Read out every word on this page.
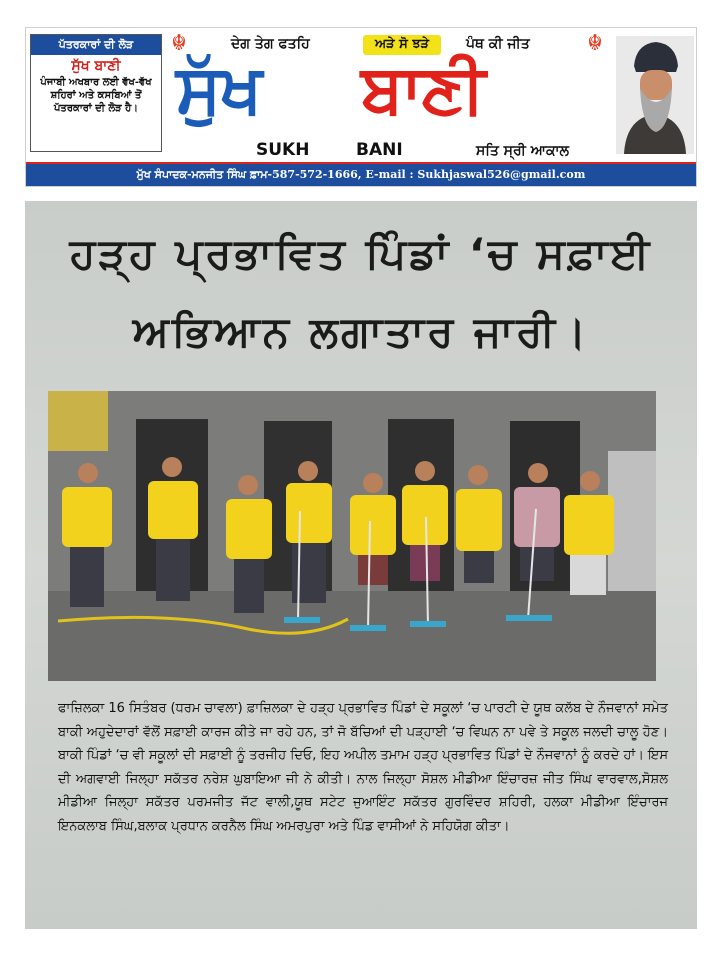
ਪੱਤਰਕਾਰਾਂ ਦੀ ਲੋੜ
ਸੁੱਖ ਬਾਣੀ
ਪੰਜਾਬੀ ਅਖਬਾਰ ਲਈ ਵੱਖ-ਵੱਖ ਸ਼ਹਿਰਾਂ ਅਤੇ ਕਸਬਿਆਂ ਤੋਂ ਪੱਤਰਕਾਰਾਂ ਦੀ ਲੋੜ ਹੈ।
☬	ਦੇਗ ਤੇਗ ਫਤਹਿ	ਅੜੇ ਸੋ ਝੜੇ	ਪੰਥ ਕੀ ਜੀਤ	☬
ਸੁੱਖ ਬਾਣੀ
SUKH	BANI	ਸਤਿ ਸ੍ਰੀ ਆਕਾਲ
ਮੁੱਖ ਸੰਪਾਦਕ-ਮਨਜੀਤ ਸਿੰਘ ਫ਼ਾਮ-587-572-1666, E-mail : Sukhjaswal526@gmail.com
ਹੜ੍ਹ ਪ੍ਰਭਾਵਿਤ ਪਿੰਡਾਂ ‘ਚ ਸਫ਼ਾਈ ਅਭਿਆਨ ਲਗਾਤਾਰ ਜਾਰੀ।
ਫਾਜ਼ਿਲਕਾ 16 ਸਿਤੰਬਰ (ਧਰਮ ਚਾਵਲਾ) ਫ਼ਾਜ਼ਿਲਕਾ ਦੇ ਹੜ੍ਹ ਪ੍ਰਭਾਵਿਤ ਪਿੰਡਾਂ ਦੇ ਸਕੂਲਾਂ ‘ਚ ਪਾਰਟੀ ਦੇ ਯੂਥ ਕਲੱਬ ਦੇ ਨੌਜਵਾਨਾਂ ਸਮੇਤ ਬਾਕੀ ਅਹੁਦੇਦਾਰਾਂ ਵੱਲੋਂ ਸਫ਼ਾਈ ਕਾਰਜ ਕੀਤੇ ਜਾ ਰਹੇ ਹਨ, ਤਾਂ ਜੋ ਬੱਚਿਆਂ ਦੀ ਪੜ੍ਹਾਈ ‘ਚ ਵਿਘਨ ਨਾ ਪਵੇ ਤੇ ਸਕੂਲ ਜਲਦੀ ਚਾਲੂ ਹੋਣ। ਬਾਕੀ ਪਿੰਡਾਂ ‘ਚ ਵੀ ਸਕੂਲਾਂ ਦੀ ਸਫ਼ਾਈ ਨੂੰ ਤਰਜੀਹ ਦਿਓ, ਇਹ ਅਪੀਲ ਤਮਾਮ ਹੜ੍ਹ ਪ੍ਰਭਾਵਿਤ ਪਿੰਡਾਂ ਦੇ ਨੌਜਵਾਨਾਂ ਨੂੰ ਕਰਦੇ ਹਾਂ। ਇਸ ਦੀ ਅਗਵਾਈ ਜਿਲ੍ਹਾ ਸਕੱਤਰ ਨਰੇਸ਼ ਘੁਬਾਇਆ ਜੀ ਨੇ ਕੀਤੀ। ਨਾਲ ਜਿਲ੍ਹਾ ਸੋਸ਼ਲ ਮੀਡੀਆ ਇੰਚਾਰਜ਼ ਜੀਤ ਸਿੰਘ ਵਾਰਵਾਲ,ਸੋਸ਼ਲ ਮੀਡੀਆ ਜਿਲ੍ਹਾ ਸਕੱਤਰ ਪਰਮਜੀਤ ਜੱਟ ਵਾਲੀ,ਯੂਥ ਸਟੇਟ ਜੁਆਇੰਟ ਸਕੱਤਰ ਗੁਰਵਿੰਦਰ ਸ਼ਹਿਰੀ, ਹਲਕਾ ਮੀਡੀਆ ਇੰਚਾਰਜ ਇਨਕਲਾਬ ਸਿੰਘ,ਬਲਾਕ ਪ੍ਰਧਾਨ ਕਰਨੈਲ ਸਿੰਘ ਅਮਰਪੁਰਾ ਅਤੇ ਪਿੰਡ ਵਾਸੀਆਂ ਨੇ ਸਹਿਯੋਗ ਕੀਤਾ।
